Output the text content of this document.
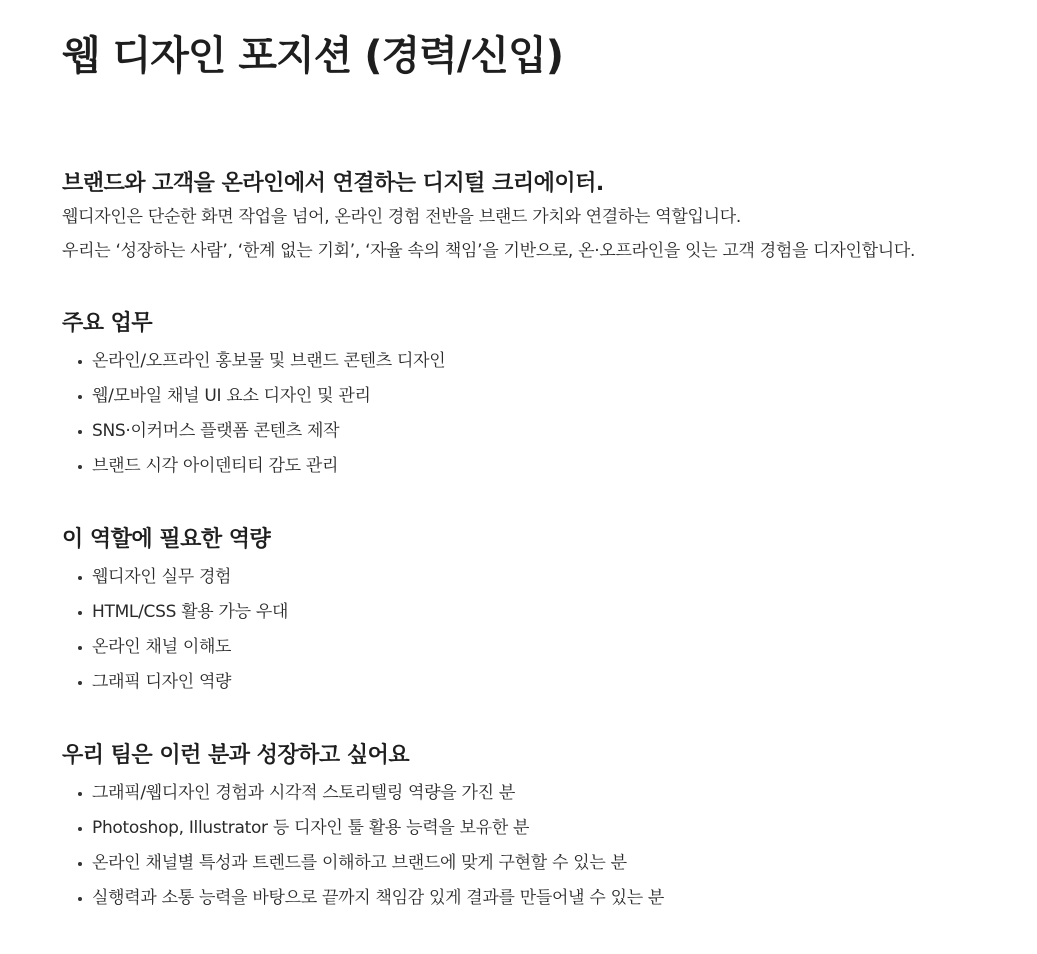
웹 디자인 포지션 (경력/신입)
브랜드와 고객을 온라인에서 연결하는 디지털 크리에이터.

웹디자인은 단순한 화면 작업을 넘어, 온라인 경험 전반을 브랜드 가치와 연결하는 역할입니다.

우리는 ‘성장하는 사람’, ‘한계 없는 기회’, ‘자율 속의 책임’을 기반으로, 온·오프라인을 잇는 고객 경험을 디자인합니다.

주요 업무
온라인/오프라인 홍보물 및 브랜드 콘텐츠 디자인
웹/모바일 채널 UI 요소 디자인 및 관리
SNS·이커머스 플랫폼 콘텐츠 제작
브랜드 시각 아이덴티티 감도 관리
이 역할에 필요한 역량
웹디자인 실무 경험
HTML/CSS 활용 가능 우대
온라인 채널 이해도
그래픽 디자인 역량
우리 팀은 이런 분과 성장하고 싶어요
그래픽/웹디자인 경험과 시각적 스토리텔링 역량을 가진 분
Photoshop, Illustrator 등 디자인 툴 활용 능력을 보유한 분
온라인 채널별 특성과 트렌드를 이해하고 브랜드에 맞게 구현할 수 있는 분
실행력과 소통 능력을 바탕으로 끝까지 책임감 있게 결과를 만들어낼 수 있는 분
